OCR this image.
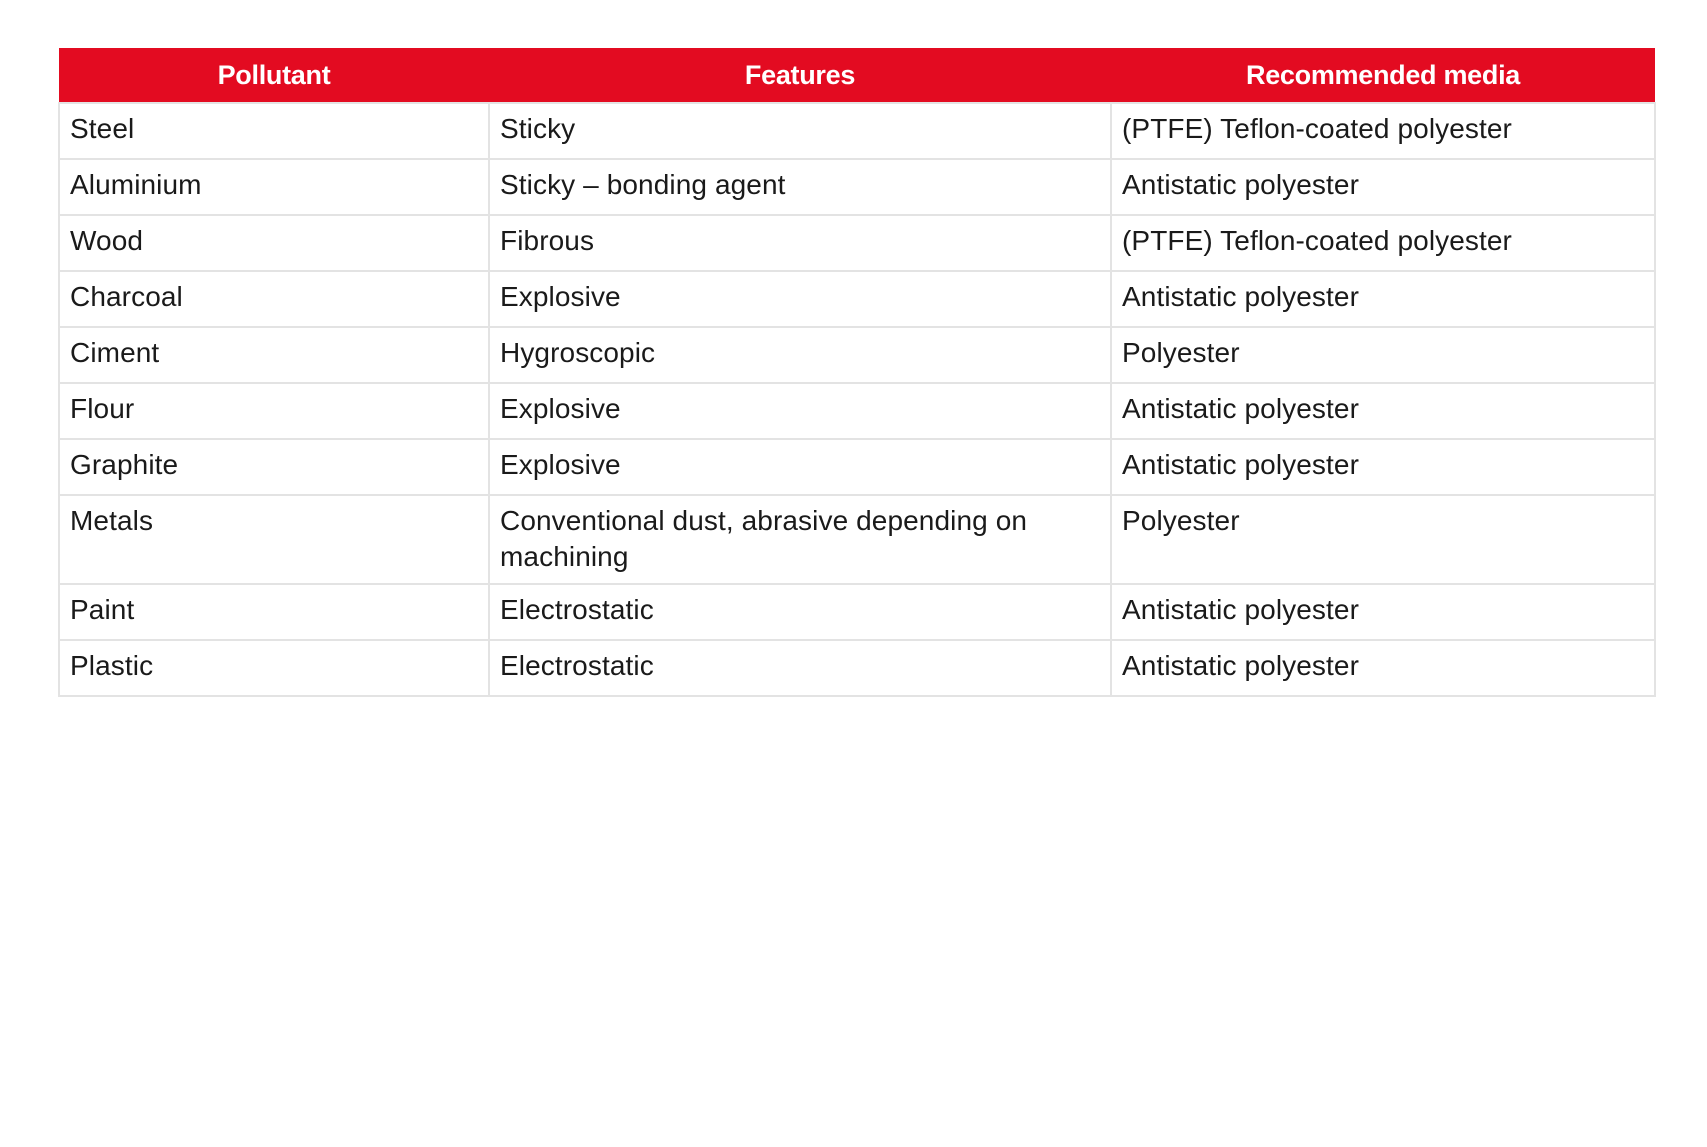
Pollutant	Features	Recommended media
Steel	Sticky	(PTFE) Teflon-coated polyester
Aluminium	Sticky – bonding agent	Antistatic polyester
Wood	Fibrous	(PTFE) Teflon-coated polyester
Charcoal	Explosive	Antistatic polyester
Ciment	Hygroscopic	Polyester
Flour	Explosive	Antistatic polyester
Graphite	Explosive	Antistatic polyester
Metals	Conventional dust, abrasive depending on machining	Polyester
Paint	Electrostatic	Antistatic polyester
Plastic	Electrostatic	Antistatic polyester
